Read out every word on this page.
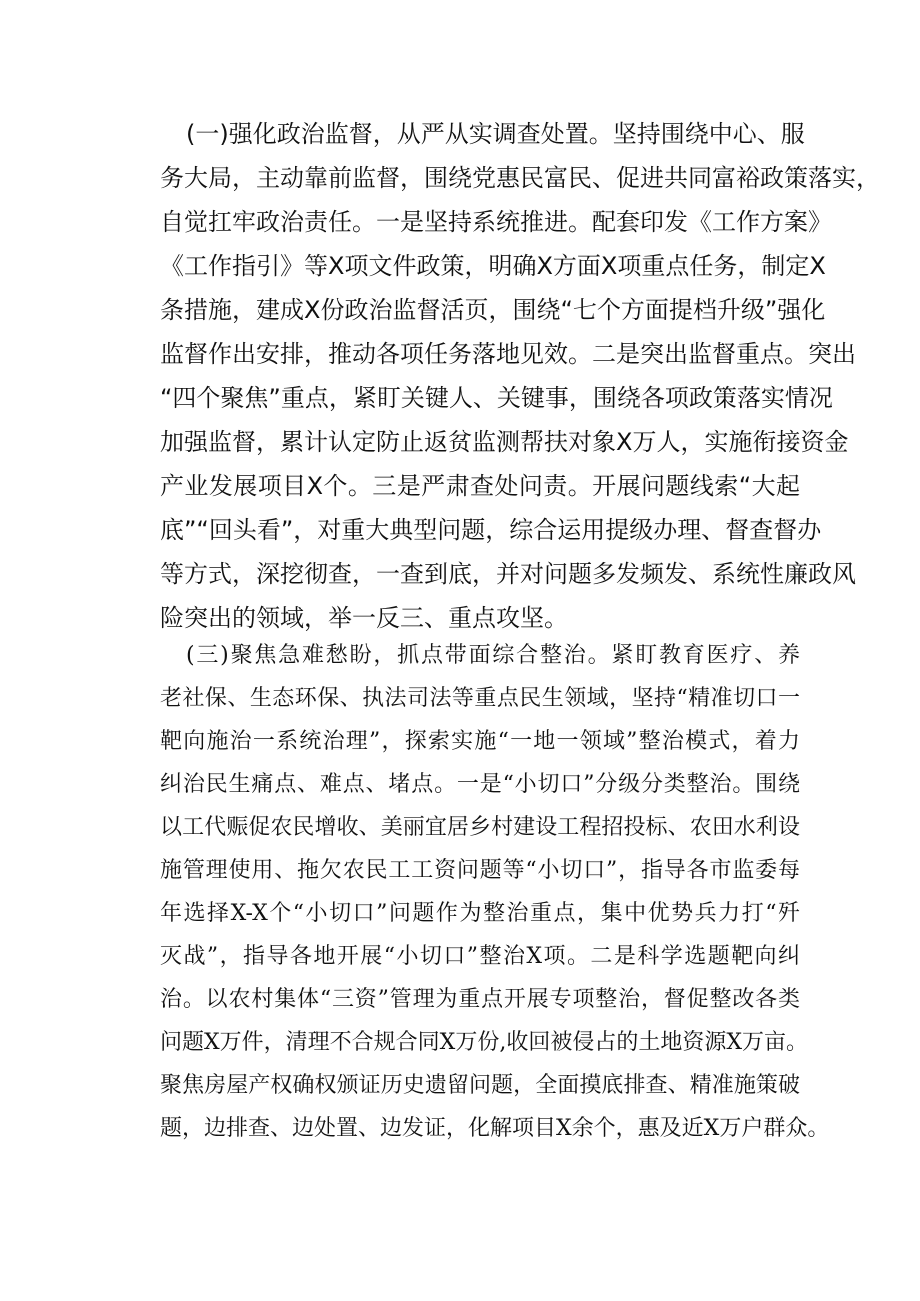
(一)强化政治监督，从严从实调查处置。坚持围绕中心、服

务大局，主动靠前监督，围绕党惠民富民、促进共同富裕政策落实，

自觉扛牢政治责任。一是坚持系统推进。配套印发《工作方案》

《工作指引》等X项文件政策，明确X方面X项重点任务，制定X

条措施，建成X份政治监督活页，围绕“七个方面提档升级”强化

监督作出安排，推动各项任务落地见效。二是突出监督重点。突出

“四个聚焦”重点，紧盯关键人、关键事，围绕各项政策落实情况

加强监督，累计认定防止返贫监测帮扶对象X万人，实施衔接资金

产业发展项目X个。三是严肃查处问责。开展问题线索“大起

底”“回头看”，对重大典型问题，综合运用提级办理、督查督办

等方式，深挖彻查，一查到底，并对问题多发频发、系统性廉政风

险突出的领域，举一反三、重点攻坚。

(三)聚焦急难愁盼，抓点带面综合整治。紧盯教育医疗、养

老社保、生态环保、执法司法等重点民生领域，坚持“精准切口一

靶向施治一系统治理”，探索实施“一地一领域”整治模式，着力

纠治民生痛点、难点、堵点。一是“小切口”分级分类整治。围绕

以工代赈促农民增收、美丽宜居乡村建设工程招投标、农田水利设

施管理使用、拖欠农民工工资问题等“小切口”，指导各市监委每

年选择X-X个“小切口”问题作为整治重点，集中优势兵力打“歼

灭战”，指导各地开展“小切口”整治X项。二是科学选题靶向纠

治。以农村集体“三资”管理为重点开展专项整治，督促整改各类

问题X万件，清理不合规合同X万份,收回被侵占的土地资源X万亩。

聚焦房屋产权确权颁证历史遗留问题，全面摸底排查、精准施策破

题，边排查、边处置、边发证，化解项目X余个，惠及近X万户群众。
